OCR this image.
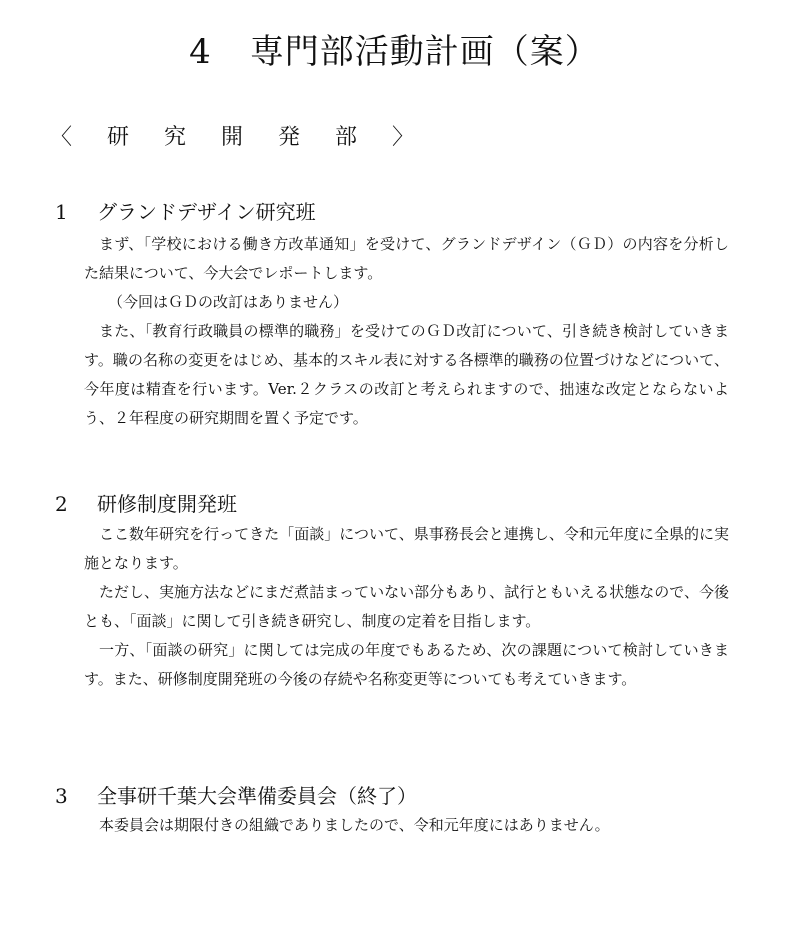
4 専門部活動計画（案）
〈 研 究 開 発 部 〉
1 グランドデザイン研究班
まず、「学校における働き方改革通知」を受けて、グランドデザイン（ＧＤ）の内容を分析した結果について、今大会でレポートします。
（今回はＧＤの改訂はありません）
また、「教育行政職員の標準的職務」を受けてのＧＤ改訂について、引き続き検討していきます。職の名称の変更をはじめ、基本的スキル表に対する各標準的職務の位置づけなどについて、今年度は精査を行います。Ver.２クラスの改訂と考えられますので、拙速な改定とならないよう、２年程度の研究期間を置く予定です。
2 研修制度開発班
ここ数年研究を行ってきた「面談」について、県事務長会と連携し、令和元年度に全県的に実施となります。
ただし、実施方法などにまだ煮詰まっていない部分もあり、試行ともいえる状態なので、今後とも、「面談」に関して引き続き研究し、制度の定着を目指します。
一方、「面談の研究」に関しては完成の年度でもあるため、次の課題について検討していきます。また、研修制度開発班の今後の存続や名称変更等についても考えていきます。
3 全事研千葉大会準備委員会（終了）
本委員会は期限付きの組織でありましたので、令和元年度にはありません。
